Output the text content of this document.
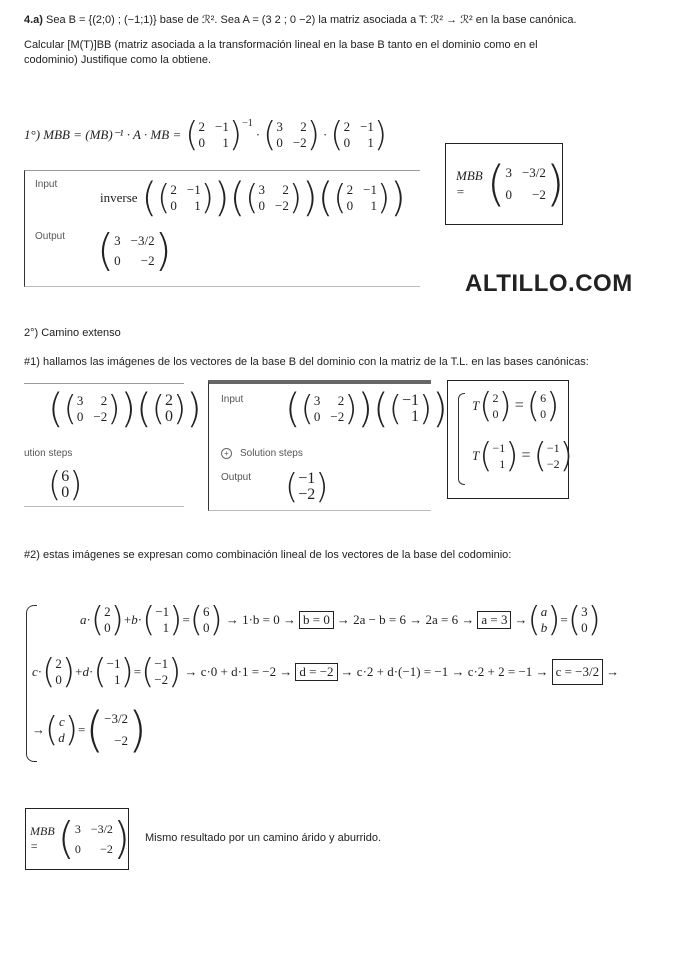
4.a) Sea B = {(2;0) ; (−1;1)} base de ℛ². Sea A = (3 2 ; 0 −2) la matriz asociada a T: ℛ² → ℛ² en la base canónica.
Calcular [M(T)]BB (matriz asociada a la transformación lineal en la base B tanto en el dominio como en el
codominio) Justifique como la obtiene.
1°) MBB = (MB)⁻¹ · A · MB = ( 2 −1
0	1 )$^{-1}$
· ( 3	2
0 −2 ) · ( 2 −1
0	1 )
Input
inverse ( ( 2 −1
0	1 ) ) ( ( 3	2
0 −2 ) ) ( ( 2 −1
0	1 ) )
Output ( 3 −3/2
0	−2 )
MBB = ( 3 −3/2
0	−2 )
ALTILLO.COM
2°) Camino extenso
#1) hallamos las imágenes de los vectores de la base B del dominio con la matriz de la T.L. en las bases canónicas:
( ( 3	2
0 −2 ) ) ( ( 2
0 ) )
ution steps
( 6
0 )
Input ( ( 3	2
0 −2 ) ) ( ( −1
1 ) )
+	Solution steps
Output ( −1
−2 )
T ( 2
0 ) = ( 6
0 )
T ( −1
1 ) = ( −1
−2 )
#2) estas imágenes se expresan como combinación lineal de los vectores de la base del codominio:
a · ( 2
0 ) + b · ( −1
1 ) = ( 6
0 ) → 1·b = 0 → b = 0 → 2a − b = 6 → 2a = 6 → a = 3 → ( a
b ) = ( 3
0 )
c · ( 2
0 ) + d · ( −1
1 ) = ( −1
−2 ) → c·0 + d·1 = −2 → d = −2 → c·2 + d·(−1) = −1 → c·2 + 2 = −1 → c = −3/2 →
→ ( c
d ) = ( −3/2
−2 )
MBB = ( 3 −3/2
0	−2 ) Mismo resultado por un camino árido y aburrido.
